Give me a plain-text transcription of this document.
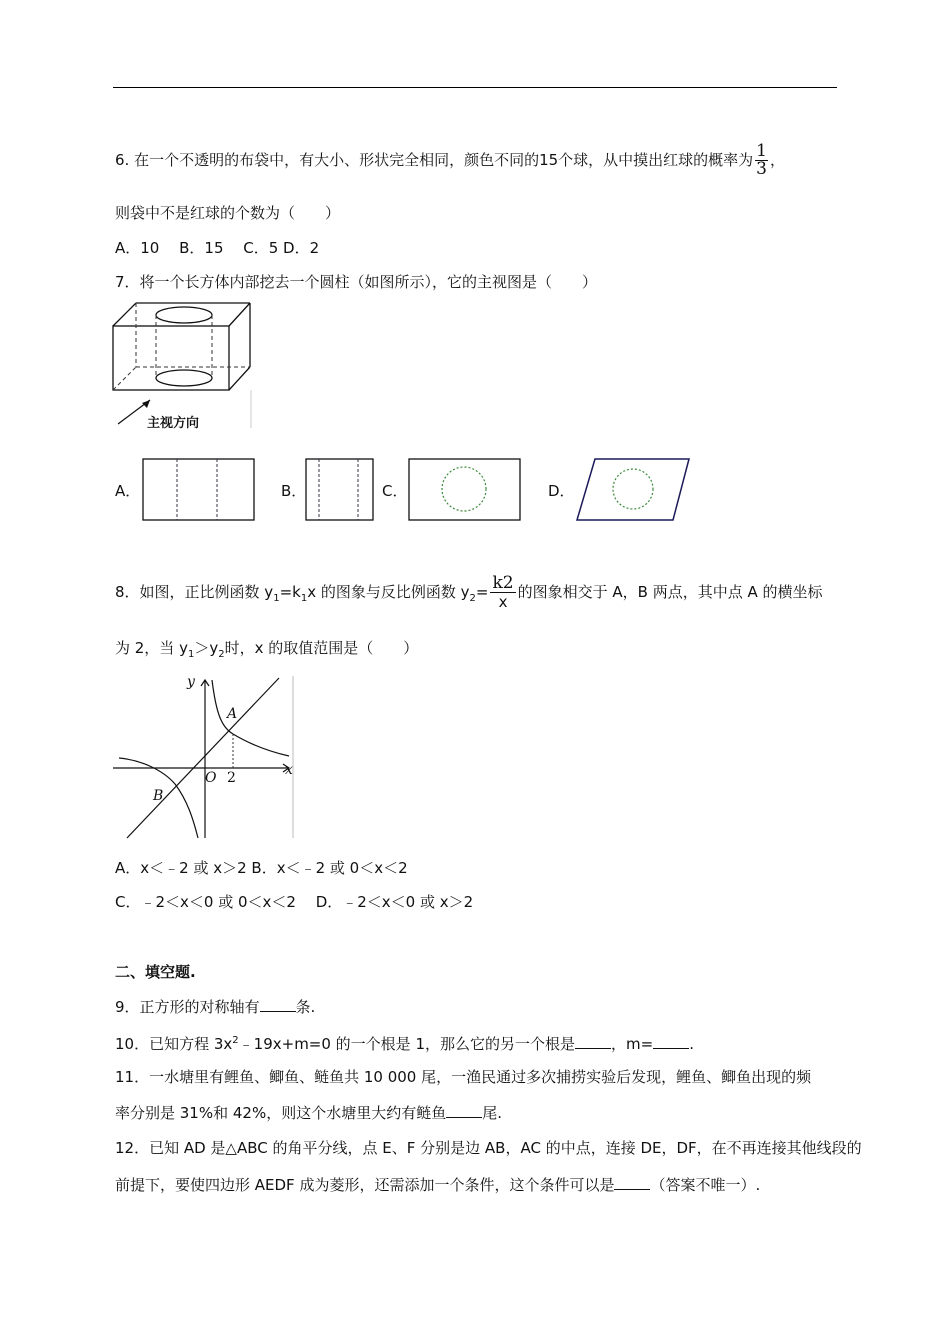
6. 在一个不透明的布袋中，有大小、形状完全相同，颜色不同的15个球，从中摸出红球的概率为 $\frac{1}{3}$ ，
则袋中不是红球的个数为（　　）
A．10　 B．15　 C．5 D．2
7．将一个长方体内部挖去一个圆柱（如图所示），它的主视图是（　　）
主视方向
A．	B．	C．	D．
8．如图，正比例函数 $y_1=k_1x$ 的图象与反比例函数 $y_2= \frac{k2}{x}$ 的图象相交于 A，B 两点，其中点 A 的横坐标
为 2，当 $y_1>y_2$时，x 的取值范围是（　　）
y
x
O 2
A
B
A．x＜﹣2 或 x＞2 B．x＜﹣2 或 0＜x＜2
C．﹣2＜x＜0 或 0＜x＜2　 D．﹣2＜x＜0 或 x＞2
二、填空题.
9．正方形的对称轴有 条.
10．已知方程 $3x^2﹣19x+m=0$ 的一个根是 1，那么它的另一个根是 ，m= .
11．一水塘里有鲤鱼、鲫鱼、鲢鱼共 10 000 尾，一渔民通过多次捕捞实验后发现，鲤鱼、鲫鱼出现的频
率分别是 31%和 42%，则这个水塘里大约有鲢鱼 尾.
12．已知 AD 是△ABC 的角平分线，点 E、F 分别是边 AB，AC 的中点，连接 DE，DF，在不再连接其他线段的
前提下，要使四边形 AEDF 成为菱形，还需添加一个条件，这个条件可以是 （答案不唯一）.
